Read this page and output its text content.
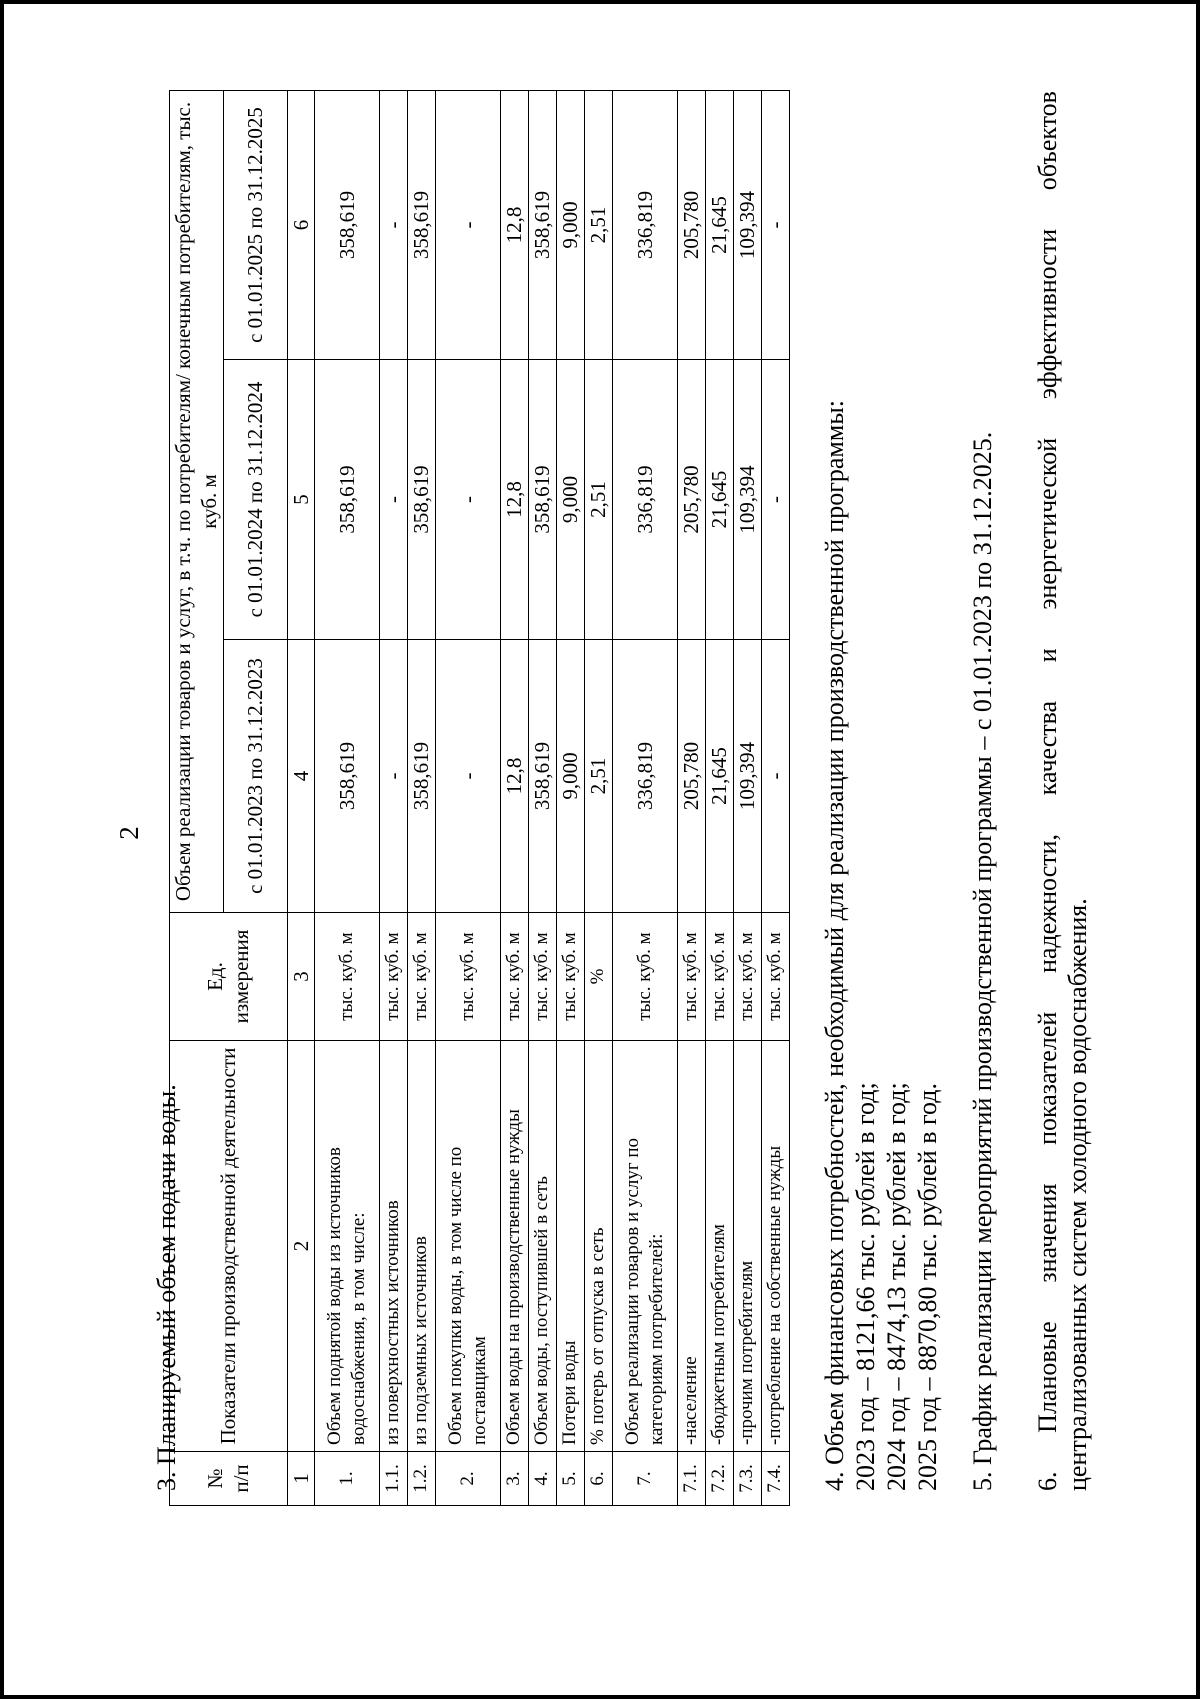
2
3. Планируемый объем подачи воды. № п/п	Показатели производственной деятельности	Ед. измерения	Объем реализации товаров и услуг, в т.ч. по потребителям/ конечным потребителям, тыс. куб. м		
			с 01.01.2023 по 31.12.2023	с 01.01.2024 по 31.12.2024	с 01.01.2025 по 31.12.2025
1	2	3	4	5	6
1.	Объем поднятой воды из источников водоснабжения, в том числе:	тыс. куб. м	358,619	358,619	358,619
1.1.	из поверхностных источников	тыс. куб. м	-	-	-
1.2.	из подземных источников	тыс. куб. м	358,619	358,619	358,619
2.	Объем покупки воды, в том числе по поставщикам	тыс. куб. м	-	-	-
3.	Объем воды на производственные нужды	тыс. куб. м	12,8	12,8	12,8
4.	Объем воды, поступившей в сеть	тыс. куб. м	358,619	358,619	358,619
5.	Потери воды	тыс. куб. м	9,000	9,000	9,000
6.	% потерь от отпуска в сеть	%	2,51	2,51	2,51
7.	Объем реализации товаров и услуг по категориям потребителей:	тыс. куб. м	336,819	336,819	336,819
7.1.	-население	тыс. куб. м	205,780	205,780	205,780
7.2.	-бюджетным потребителям	тыс. куб. м	21,645	21,645	21,645
7.3.	-прочим потребителям	тыс. куб. м	109,394	109,394	109,394
7.4.	-потребление на собственные нужды	тыс. куб. м	-	-	-
4. Объем финансовых потребностей, необходимый для реализации производственной программы: 2023 год – 8121,66 тыс. рублей в год; 2024 год – 8474,13 тыс. рублей в год; 2025 год – 8870,80 тыс. рублей в год. 5. График реализации мероприятий производственной программы – с 01.01.2023 по 31.12.2025. 6.
Плановые
значения
показателей
надежности,
качества
и
энергетической
эффективности
объектов
централизованных систем холодного водоснабжения.
